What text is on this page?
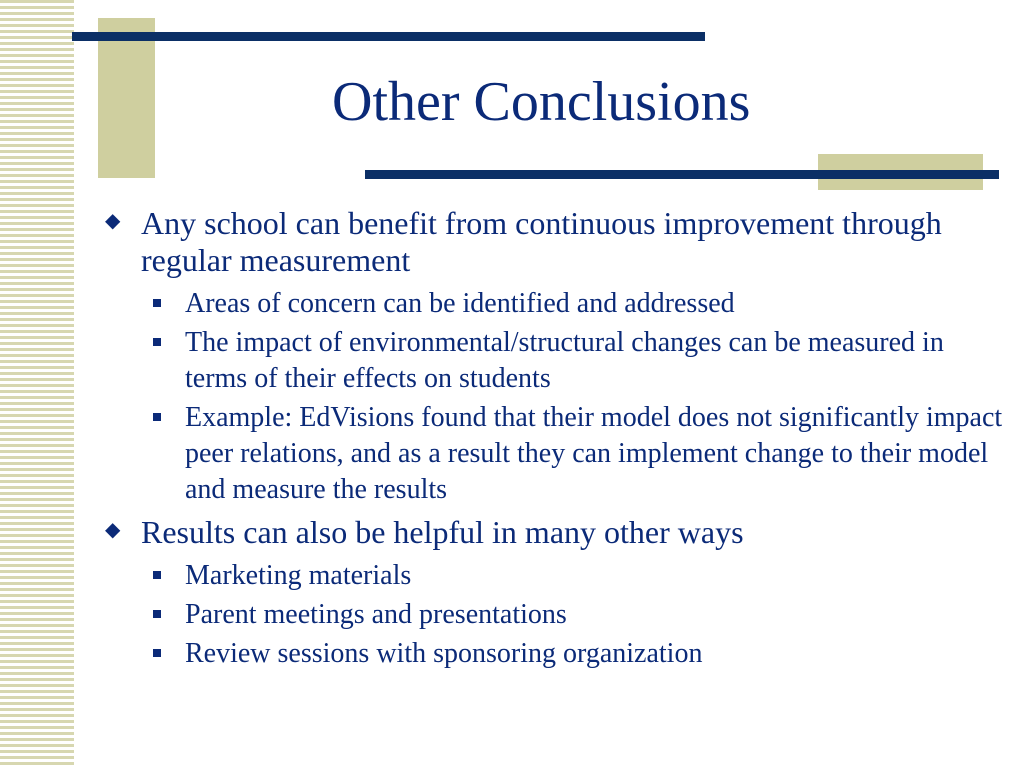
Other Conclusions
◆ Any school can benefit from continuous improvement through regular measurement
Areas of concern can be identified and addressed
The impact of environmental/structural changes can be measured in terms of their effects on students
Example: EdVisions found that their model does not significantly impact peer relations, and as a result they can implement change to their model and measure the results
◆ Results can also be helpful in many other ways
Marketing materials
Parent meetings and presentations
Review sessions with sponsoring organization
